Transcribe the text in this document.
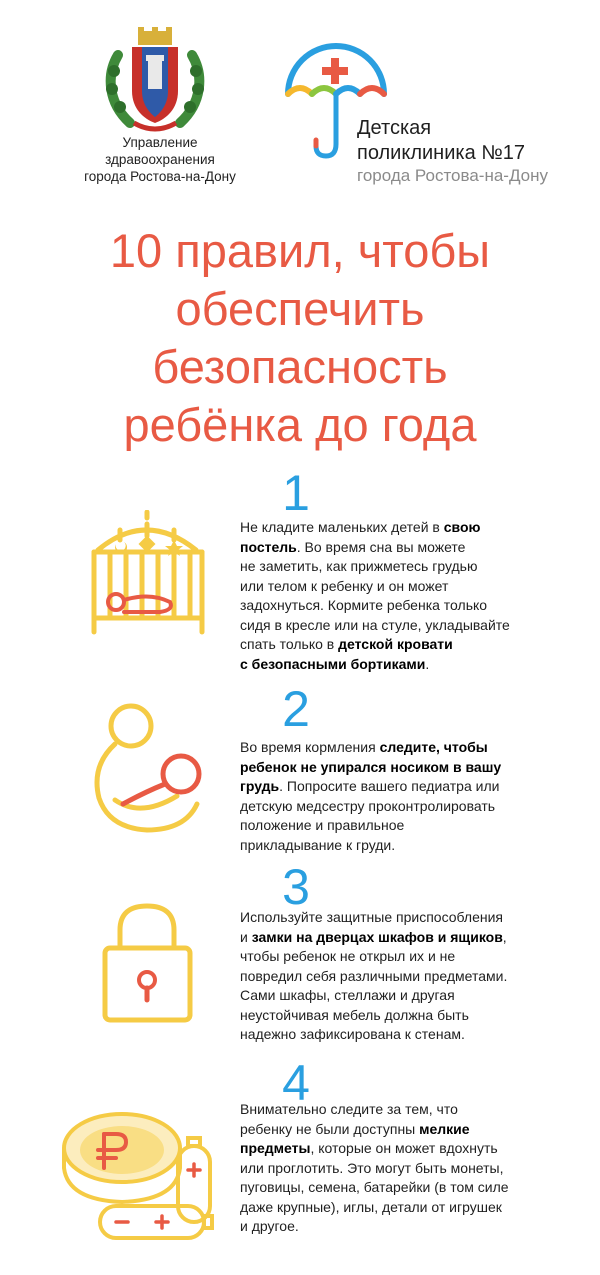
Управление
здравоохранения
города Ростова-на-Дону
Детская
поликлиника №17
города Ростова-на-Дону
10 правил, чтобы
обеспечить
безопасность
ребёнка до года
1
Не кладите маленьких детей в свою
постель. Во время сна вы можете
не заметить, как прижметесь грудью
или телом к ребенку и он может
задохнуться. Кормите ребенка только
сидя в кресле или на стуле, укладывайте
спать только в детской кровати
с безопасными бортиками.
2
Во время кормления следите, чтобы
ребенок не упирался носиком в вашу
грудь. Попросите вашего педиатра или
детскую медсестру проконтролировать
положение и правильное
прикладывание к груди.
3
Используйте защитные приспособления
и замки на дверцах шкафов и ящиков,
чтобы ребенок не открыл их и не
повредил себя различными предметами.
Сами шкафы, стеллажи и другая
неустойчивая мебель должна быть
надежно зафиксирована к стенам.
4
Внимательно следите за тем, что
ребенку не были доступны мелкие
предметы, которые он может вдохнуть
или проглотить. Это могут быть монеты,
пуговицы, семена, батарейки (в том силе
даже крупные), иглы, детали от игрушек
и другое.
